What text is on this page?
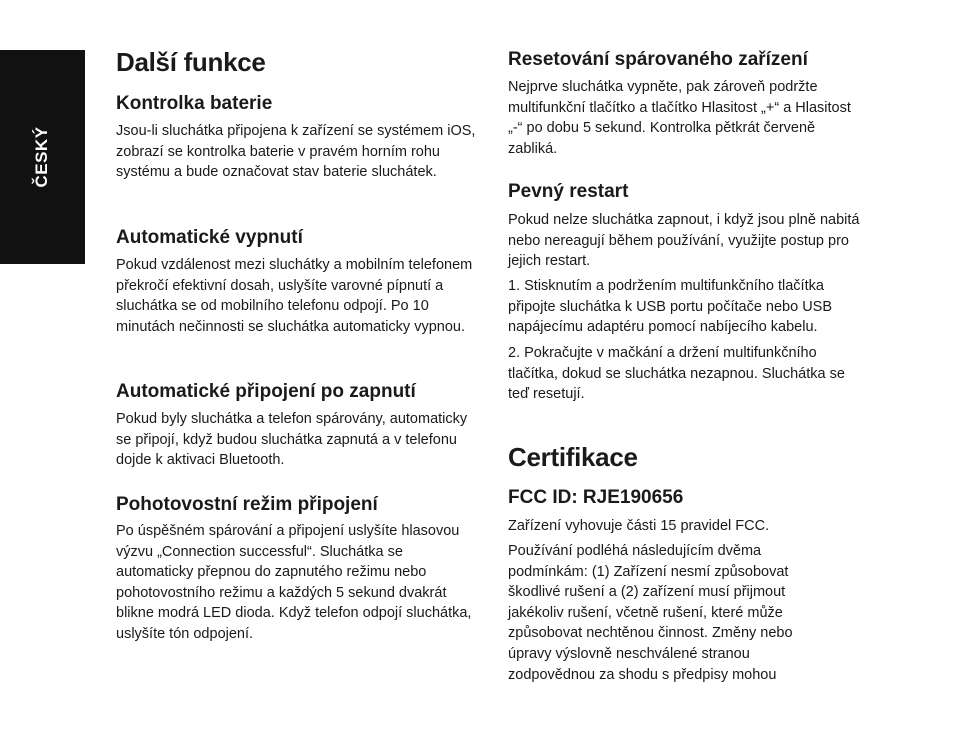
ČESKÝ
Další funkce
Kontrolka baterie

Jsou-li sluchátka připojena k zařízení se systémem iOS, zobrazí se kontrolka baterie v pravém horním rohu systému a bude označovat stav baterie sluchátek.

Automatické vypnutí

Pokud vzdálenost mezi sluchátky a mobilním telefonem překročí efektivní dosah, uslyšíte varovné pípnutí a sluchátka se od mobilního telefonu odpojí. Po 10 minutách nečinnosti se sluchátka automaticky vypnou.

Automatické připojení po zapnutí

Pokud byly sluchátka a telefon spárovány, automaticky se připojí, když budou sluchátka zapnutá a v telefonu dojde k aktivaci Bluetooth.

Pohotovostní režim připojení

Po úspěšném spárování a připojení uslyšíte hlasovou výzvu „Connection successful“. Sluchátka se automaticky přepnou do zapnutého režimu nebo pohotovostního režimu a každých 5 sekund dvakrát blikne modrá LED dioda. Když telefon odpojí sluchátka, uslyšíte tón odpojení.

Resetování spárovaného zařízení

Nejprve sluchátka vypněte, pak zároveň podržte multifunkční tlačítko a tlačítko Hlasitost „+“ a Hlasitost „-“ po dobu 5 sekund. Kontrolka pětkrát červeně zabliká.

Pevný restart

Pokud nelze sluchátka zapnout, i když jsou plně nabitá nebo nereagují během používání, využijte postup pro jejich restart.

1. Stisknutím a podržením multifunkčního tlačítka připojte sluchátka k USB portu počítače nebo USB napájecímu adaptéru pomocí nabíjecího kabelu.

2. Pokračujte v mačkání a držení multifunkčního tlačítka, dokud se sluchátka nezapnou. Sluchátka se teď resetují.

Certifikace
FCC ID: RJE190656

Zařízení vyhovuje části 15 pravidel FCC.

Používání podléhá následujícím dvěma podmínkám: (1) Zařízení nesmí způsobovat škodlivé rušení a (2) zařízení musí přijmout jakékoliv rušení, včetně rušení, které může způsobovat nechtěnou činnost. Změny nebo úpravy výslovně neschválené stranou zodpovědnou za shodu s předpisy mohou
